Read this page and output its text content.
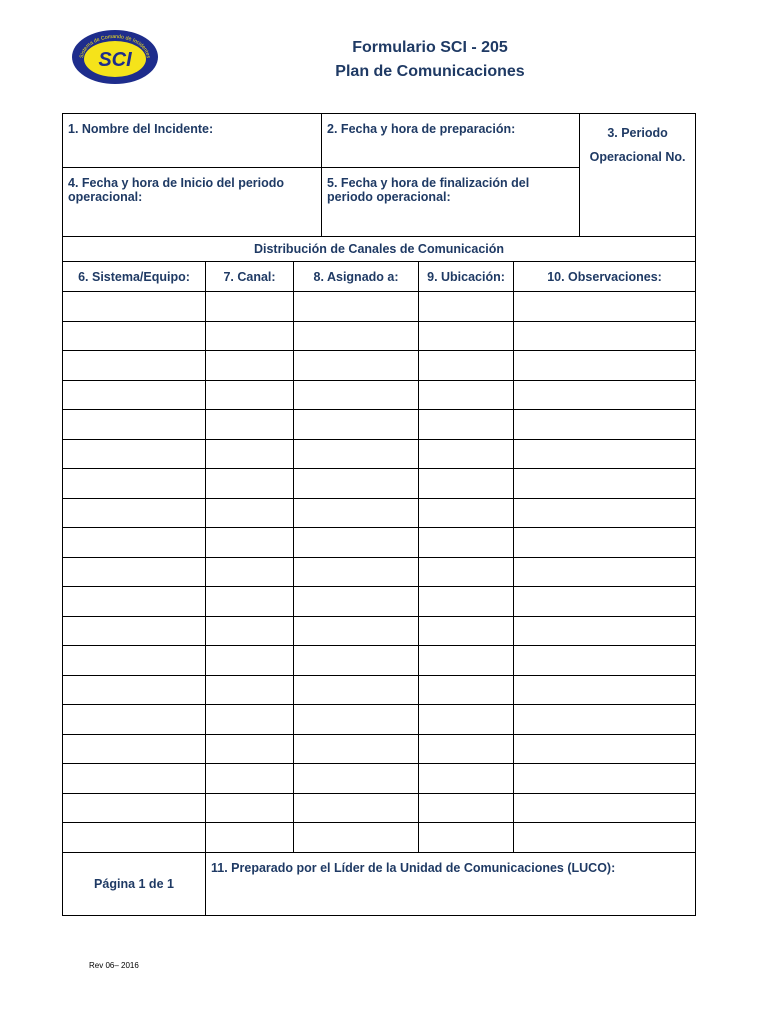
Sistema de Comando de Incidentes
SCI
Formulario SCI - 205
Plan de Comunicaciones
1. Nombre del Incidente:			2. Fecha y hora de preparación:			3. Periodo Operacional No.
4. Fecha y hora de Inicio del periodo operacional:			5. Fecha y hora de finalización del periodo operacional:			
Distribución de Canales de Comunicación						
6. Sistema/Equipo:	7. Canal:	8. Asignado a:		9. Ubicación:	10. Observaciones:	

Página 1 de 1	11. Preparado por el Líder de la Unidad de Comunicaciones (LUCO):					
Rev 06– 2016
